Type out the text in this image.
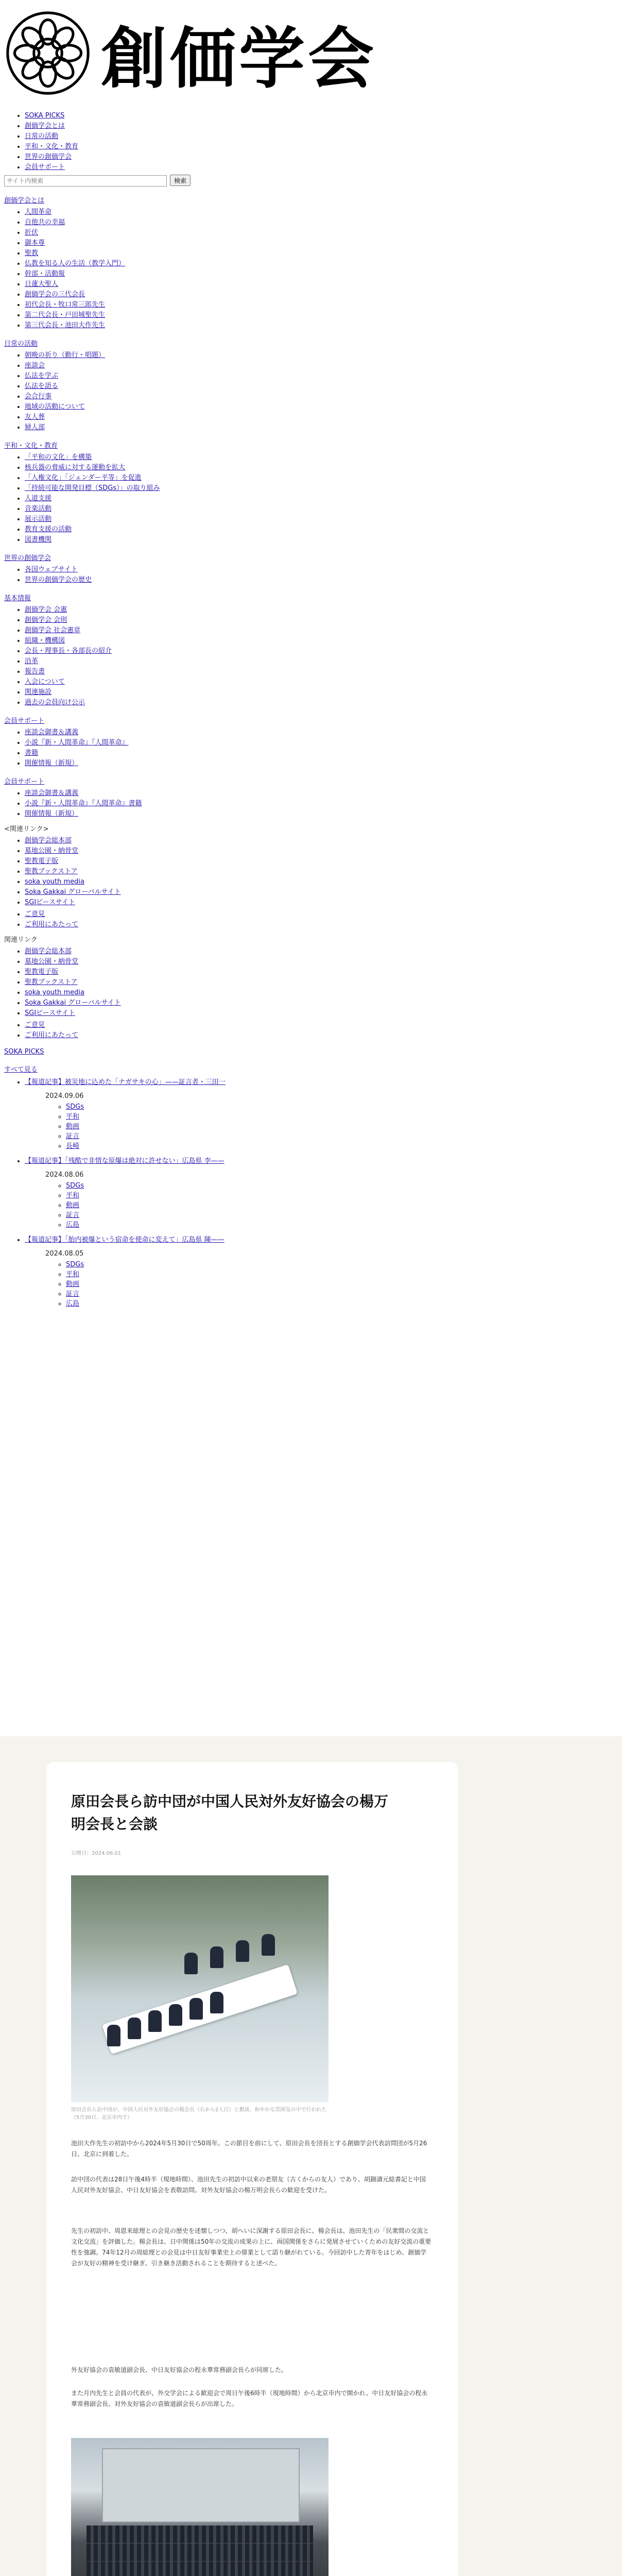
創価学会
• SOKA PICKS
• 創価学会とは
• 日常の活動
• 平和・文化・教育
• 世界の創価学会
• 会員サポート
サイト内検索 検索
創価学会とは
• 人間革命
• 自他共の幸福
• 折伏
• 御本尊
• 聖教
• 仏教を知る人の生活（教学入門）
• 幹部・活動報
• 日蓮大聖人
• 創価学会の三代会長
• 初代会長・牧口常三郎先生
• 第二代会長・戸田城聖先生
• 第三代会長・池田大作先生
日常の活動
• 朝晩の祈り（勤行・唱題）
• 座談会
• 仏法を学ぶ
• 仏法を語る
• 会合行事
• 地域の活動について
• 友人葬
• 婦人部
平和・文化・教育
• 「平和の文化」を構築
• 核兵器の脅威に対する運動を拡大
• 「人権文化」「ジェンダー平等」を促進
• 「持続可能な開発目標（SDGs）」の取り組み
• 人道支援
• 音楽活動
• 展示活動
• 教育支援の活動
• 図書機関
世界の創価学会
• 各国ウェブサイト
• 世界の創価学会の歴史
基本情報
• 創価学会 会憲
• 創価学会 会則
• 創価学会 社会憲章
• 組織・機構図
• 会長・理事長・各部長の紹介
• 沿革
• 報告書
• 入会について
• 関連施設
• 過去の会員向け公示
会員サポート
• 座談会御書＆講義
• 小説『新・人間革命』『人間革命』
• 書籍
• 開催情報（新規）
会員サポート
• 座談会御書＆講義
• 小説『新・人間革命』『人間革命』書籍
• 開催情報（新規）
<関連リンク>
• 創価学会総本部
• 墓地公園・納骨堂
• 聖教電子版
• 聖教ブックストア
• soka youth media
• Soka Gakkai グローバルサイト
• SGIピースサイト
• ご意見
• ご利用にあたって
関連リンク
• 創価学会総本部
• 墓地公園・納骨堂
• 聖教電子版
• 聖教ブックストア
• soka youth media
• Soka Gakkai グローバルサイト
• SGIピースサイト
• ご意見
• ご利用にあたって
SOKA PICKS
すべて見る
• 【報道記事】被災地に込めた「ナガサキの心」——証言者・三田一
2024.09.06
◦ SDGs
◦ 平和
◦ 動画
◦ 証言
◦ 長崎
• 【報道記事】「残酷で非情な原爆は絶対に許せない」広島県 李——
2024.08.06
◦ SDGs
◦ 平和
◦ 動画
◦ 証言
◦ 広島
• 【報道記事】「胎内被爆という宿命を使命に変えて」広島県 陳——
2024.08.05
◦ SDGs
◦ 平和
◦ 動画
◦ 証言
◦ 広島
原田会長ら訪中団が中国人民対外友好協会の楊万明会長と会談
公開日：2024.06.01
原田会長ら訪中団が、中国人民対外友好協会の楊会長（右から2人目）と懇談。和やかな雰囲気の中で行われた（5月30日、北京市内で）
池田大作先生の初訪中から2024年5月30日で50周年。この節目を前にして、原田会長を団長とする創価学会代表訪問団が5月26日、北京に到着した。
訪中団の代表は28日午後4時半（現地時間）、池田先生の初訪中以来の老朋友（古くからの友人）であり、胡錦濤元総書記と中国人民対外友好協会、中日友好協会を表敬訪問。対外友好協会の楊万明会長らの歓迎を受けた。
先生の初訪中、周恩来総理との会見の歴史を述懐しつつ、胡へいに深謝する原田会長に、楊会長は、池田先生の「民衆間の交流と文化交流」を評価した。楊会長は、日中関係は50年の交流の成果の上に、両国関係をさらに発展させていくための友好交流の重要性を強調。74年12月の周総理との会見は中日友好事業史上の偉業として語り継がれている。今回訪中した青年をはじめ、創価学会が友好の精神を受け継ぎ、引き継き活動されることを期待すると述べた。
外友好協会の袁敏道副会長、中日友好協会の程永華常務副会長らが同席した。
また月内先生と会員の代表が、外交学会による歓迎会で周日午後6時半（現地時間）から北京市内で開かれ、中日友好協会の程永華常務副会長、対外友好協会の袁敏道副会長らが出席した。
